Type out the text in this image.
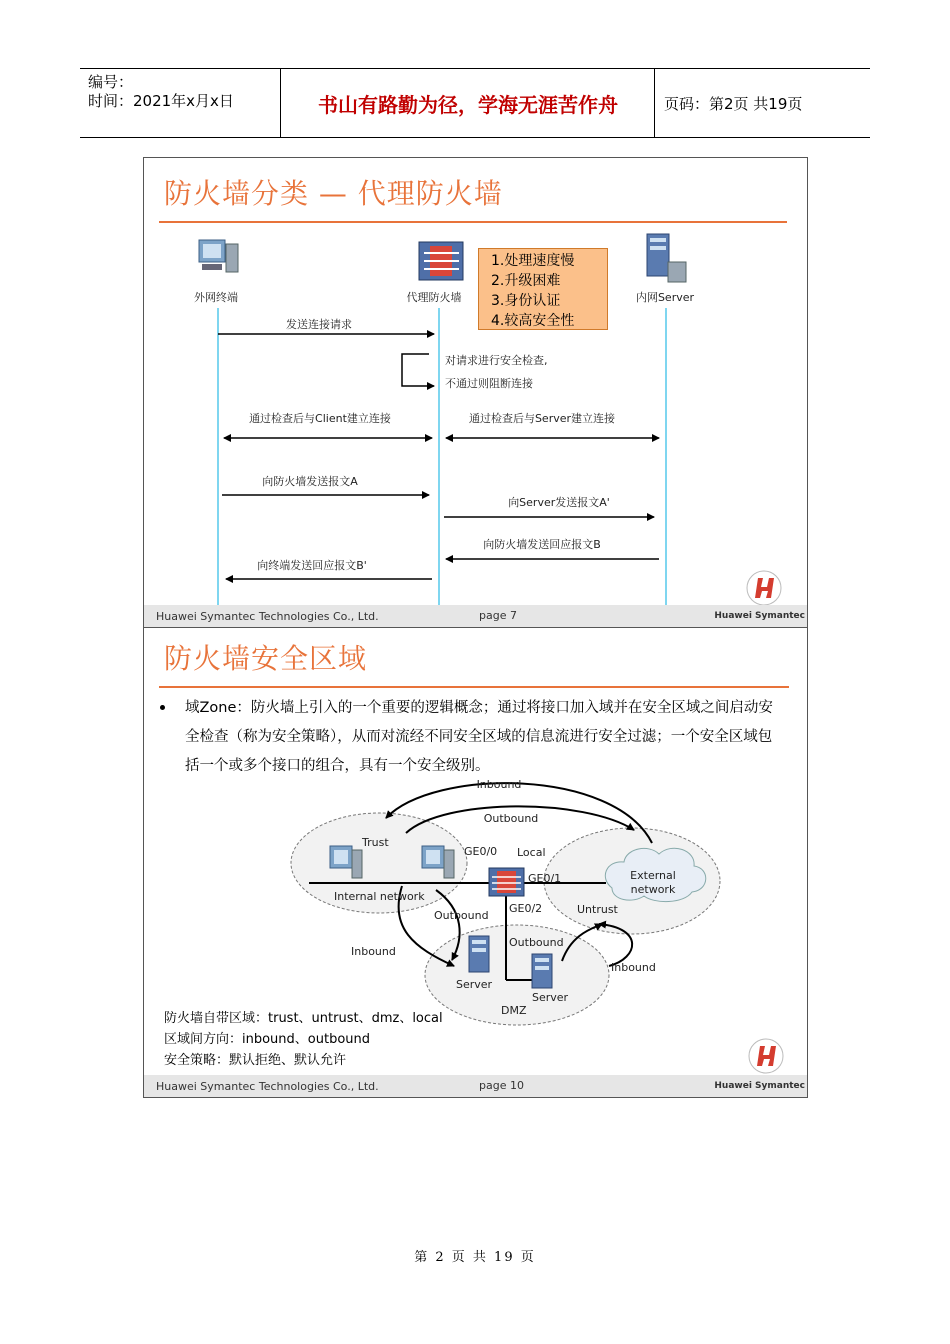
编号：
时间：2021年x月x日	书山有路勤为径，学海无涯苦作舟	页码：第2页 共19页
防火墙分类 — 代理防火墙
外网终端	代理防火墙	内网Server
发送连接请求
对请求进行安全检查,
不通过则阻断连接
通过检查后与Client建立连接	通过检查后与Server建立连接
向防火墙发送报文A
向Server发送报文A'
向防火墙发送回应报文B
向终端发送回应报文B'
1.处理速度慢
2.升级困难
3.身份认证
4.较高安全性
Huawei Symantec Technologies Co., Ltd.	page 7	Huawei Symantec
防火墙安全区域
域Zone：防火墙上引入的一个重要的逻辑概念；通过将接口加入域并在安全区域之间启动安全检查（称为安全策略），从而对流经不同安全区域的信息流进行安全过滤；一个安全区域包括一个或多个接口的组合，具有一个安全级别。
Inbound
Outbound
Trust
Internal network
GE0/0 Local
GE0/1
GE0/2
External
network
Untrust
Outbound
Inbound
Outbound
Inbound
Server
Server
DMZ
防火墙自带区域：trust、untrust、dmz、local
区域间方向：inbound、outbound
安全策略：默认拒绝、默认允许
Huawei Symantec Technologies Co., Ltd.	page 10	Huawei Symantec
第 2 页 共 19 页
